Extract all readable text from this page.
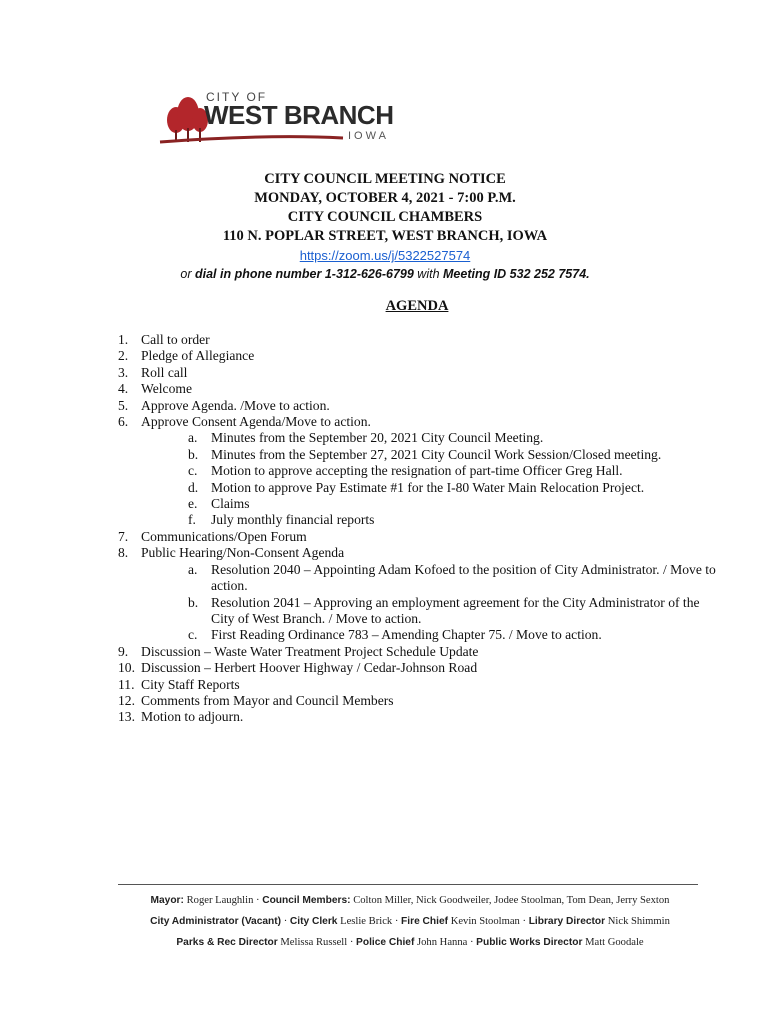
CITY OF
WEST BRANCH
IOWA
CITY COUNCIL MEETING NOTICE
MONDAY, OCTOBER 4, 2021 - 7:00 P.M.
CITY COUNCIL CHAMBERS
110 N. POPLAR STREET, WEST BRANCH, IOWA
https://zoom.us/j/5322527574
or dial in phone number 1-312-626-6799 with Meeting ID 532 252 7574.
AGENDA
1. Call to order
2. Pledge of Allegiance
3. Roll call
4. Welcome
5. Approve Agenda. /Move to action.
6. Approve Consent Agenda/Move to action.
a. Minutes from the September 20, 2021 City Council Meeting.
b. Minutes from the September 27, 2021 City Council Work Session/Closed meeting.
c. Motion to approve accepting the resignation of part-time Officer Greg Hall.
d. Motion to approve Pay Estimate #1 for the I-80 Water Main Relocation Project.
e. Claims
f.	July monthly financial reports
7. Communications/Open Forum
8. Public Hearing/Non-Consent Agenda
a. Resolution 2040 – Appointing Adam Kofoed to the position of City Administrator. / Move to action.
b. Resolution 2041 – Approving an employment agreement for the City Administrator of the City of West Branch. / Move to action.
c. First Reading Ordinance 783 – Amending Chapter 75. / Move to action.
9. Discussion – Waste Water Treatment Project Schedule Update
10. Discussion – Herbert Hoover Highway / Cedar-Johnson Road
11. City Staff Reports
12. Comments from Mayor and Council Members
13. Motion to adjourn.
Mayor: Roger Laughlin · Council Members: Colton Miller, Nick Goodweiler, Jodee Stoolman, Tom Dean, Jerry Sexton
City Administrator (Vacant) · City Clerk Leslie Brick · Fire Chief Kevin Stoolman · Library Director Nick Shimmin
Parks & Rec Director Melissa Russell · Police Chief John Hanna · Public Works Director Matt Goodale
